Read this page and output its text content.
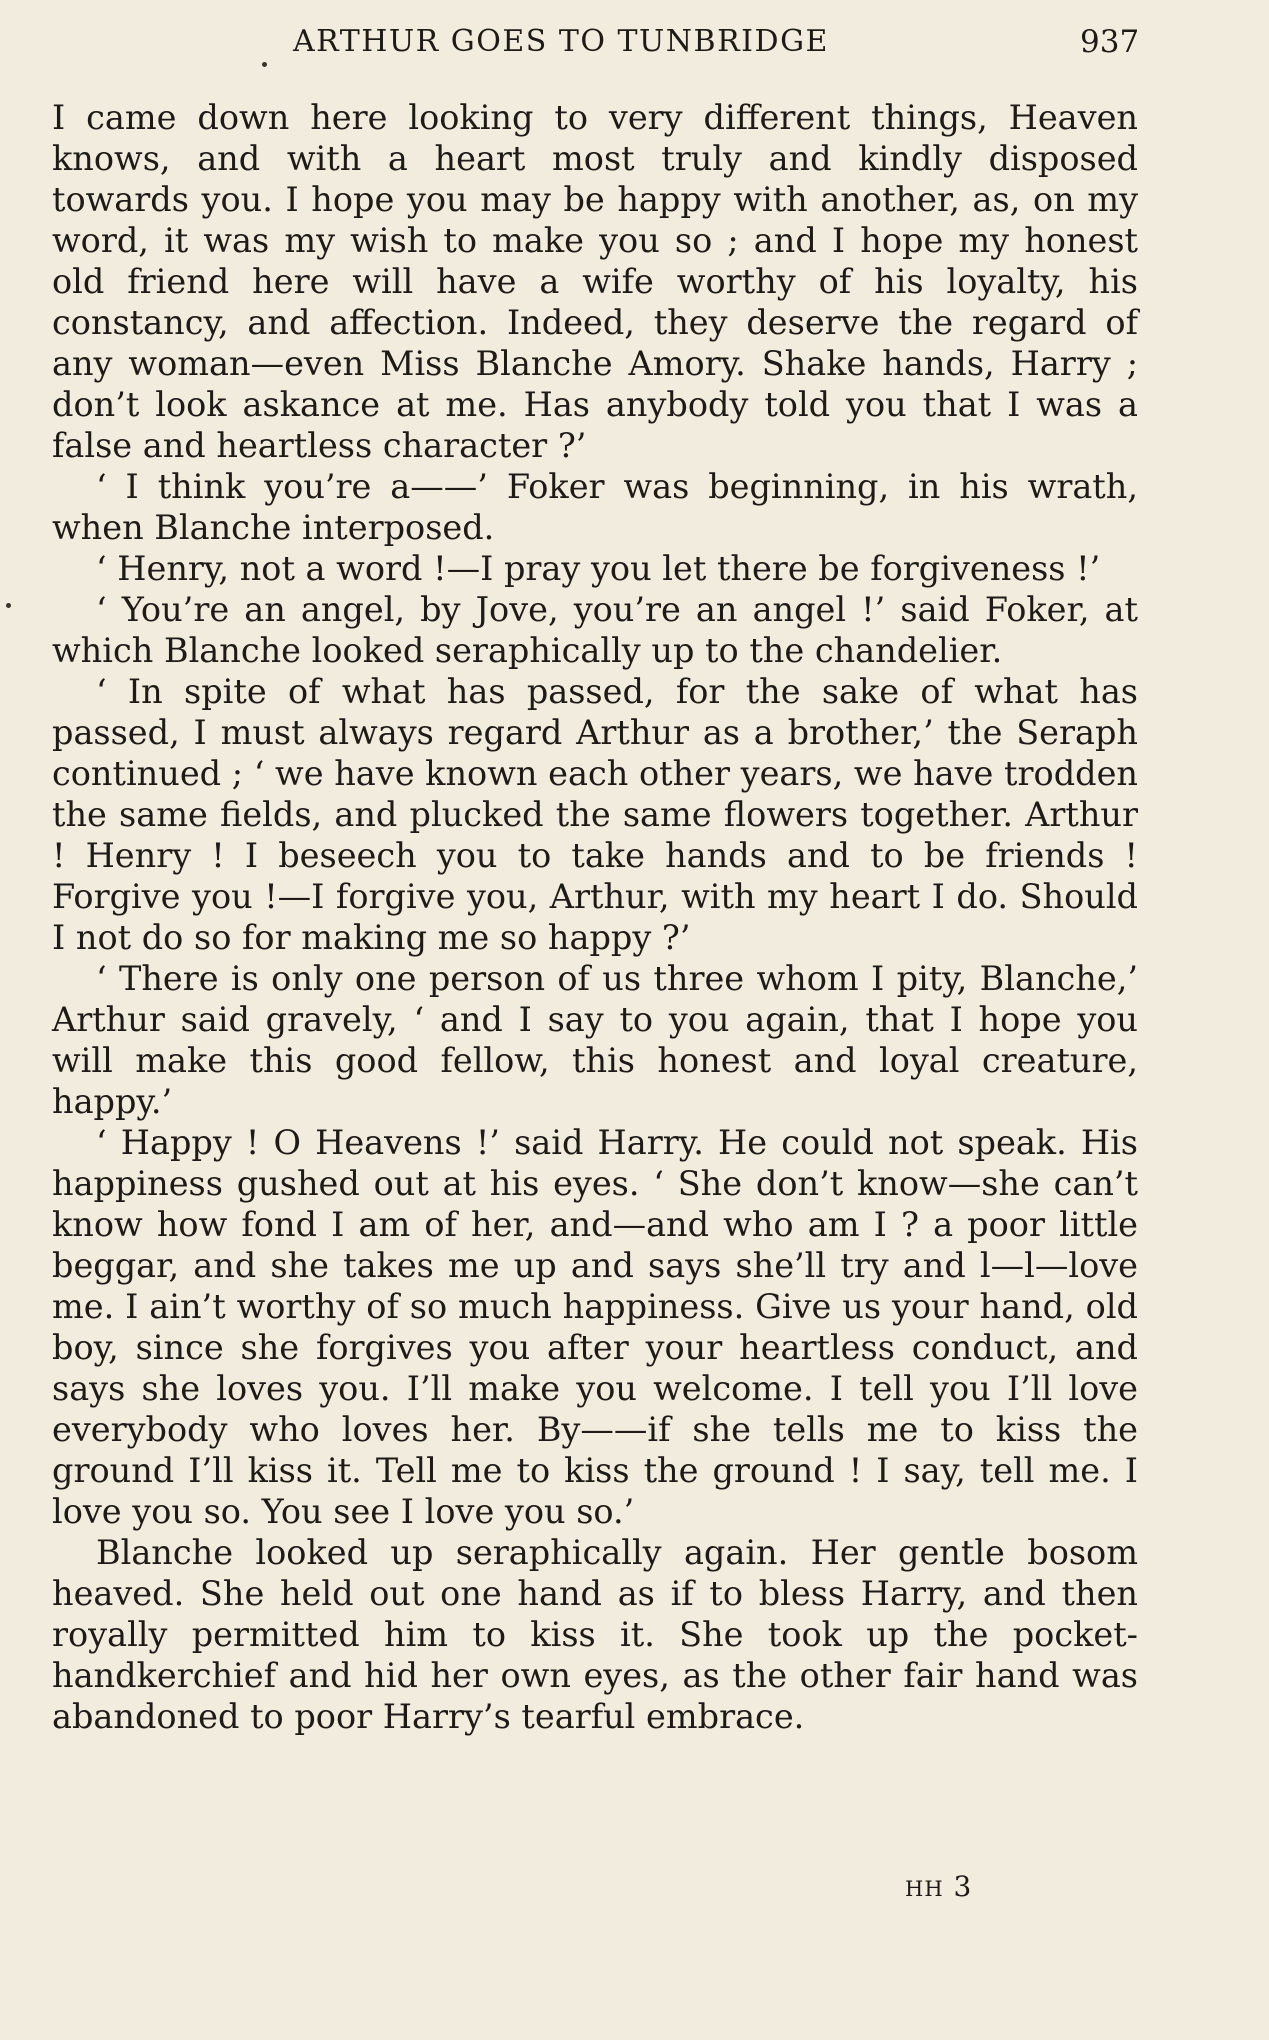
ARTHUR GOES TO TUNBRIDGE	937

I came down here looking to very different things, Heaven knows, and with a heart most truly and kindly disposed towards you. I hope you may be happy with another, as, on my word, it was my wish to make you so ; and I hope my honest old friend here will have a wife worthy of his loyalty, his constancy, and affection. Indeed, they deserve the regard of any woman—even Miss Blanche Amory. Shake hands, Harry ; don’t look askance at me. Has anybody told you that I was a false and heartless character ?’

‘ I think you’re a——’ Foker was beginning, in his wrath, when Blanche interposed.

‘ Henry, not a word !—I pray you let there be forgiveness !’

‘ You’re an angel, by Jove, you’re an angel !’ said Foker, at which Blanche looked seraphically up to the chandelier.

‘ In spite of what has passed, for the sake of what has passed, I must always regard Arthur as a brother,’ the Seraph continued ; ‘ we have known each other years, we have trodden the same fields, and plucked the same flowers together. Arthur ! Henry ! I beseech you to take hands and to be friends ! Forgive you !—I forgive you, Arthur, with my heart I do. Should I not do so for making me so happy ?’

‘ There is only one person of us three whom I pity, Blanche,’ Arthur said gravely, ‘ and I say to you again, that I hope you will make this good fellow, this honest and loyal creature, happy.’

‘ Happy ! O Heavens !’ said Harry. He could not speak. His happiness gushed out at his eyes. ‘ She don’t know—she can’t know how fond I am of her, and—and who am I ? a poor little beggar, and she takes me up and says she’ll try and l—l—love me. I ain’t worthy of so much happiness. Give us your hand, old boy, since she forgives you after your heartless conduct, and says she loves you. I’ll make you welcome. I tell you I’ll love everybody who loves her. By——if she tells me to kiss the ground I’ll kiss it. Tell me to kiss the ground ! I say, tell me. I love you so. You see I love you so.’

Blanche looked up seraphically again. Her gentle bosom heaved. She held out one hand as if to bless Harry, and then royally permitted him to kiss it. She took up the pocket-handkerchief and hid her own eyes, as the other fair hand was abandoned to poor Harry’s tearful embrace.

HH 3
